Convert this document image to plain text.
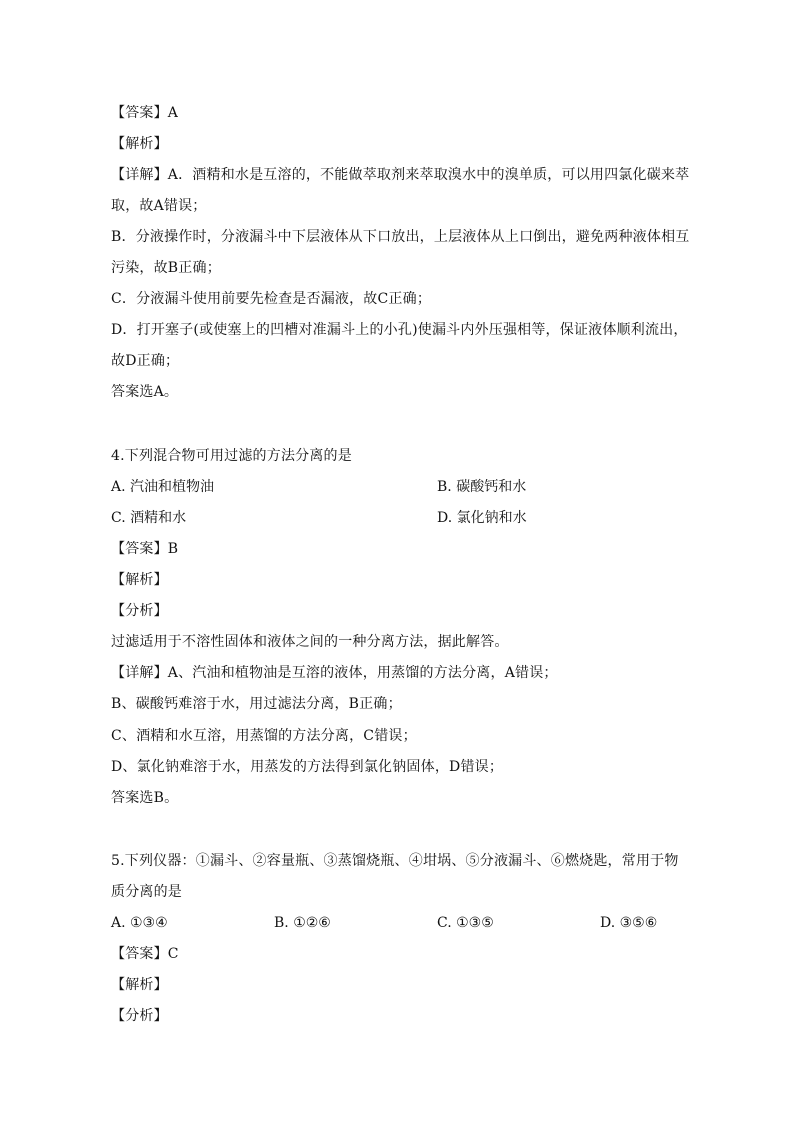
【答案】A
【解析】
【详解】A．酒精和水是互溶的，不能做萃取剂来萃取溴水中的溴单质，可以用四氯化碳来萃
取，故A错误；
B．分液操作时，分液漏斗中下层液体从下口放出，上层液体从上口倒出，避免两种液体相互
污染，故B正确；
C．分液漏斗使用前要先检查是否漏液，故C正确；
D．打开塞子(或使塞上的凹槽对准漏斗上的小孔)使漏斗内外压强相等，保证液体顺利流出，
故D正确；
答案选A。
4.下列混合物可用过滤的方法分离的是
A. 汽油和植物油	B. 碳酸钙和水
C. 酒精和水	D. 氯化钠和水
【答案】B
【解析】
【分析】
过滤适用于不溶性固体和液体之间的一种分离方法，据此解答。
【详解】A、汽油和植物油是互溶的液体，用蒸馏的方法分离，A错误；
B、碳酸钙难溶于水，用过滤法分离，B正确；
C、酒精和水互溶，用蒸馏的方法分离，C错误；
D、氯化钠难溶于水，用蒸发的方法得到氯化钠固体，D错误；
答案选B。
5.下列仪器：①漏斗、②容量瓶、③蒸馏烧瓶、④坩埚、⑤分液漏斗、⑥燃烧匙，常用于物
质分离的是
A. ①③④	B. ①②⑥	C. ①③⑤	D. ③⑤⑥
【答案】C
【解析】
【分析】
